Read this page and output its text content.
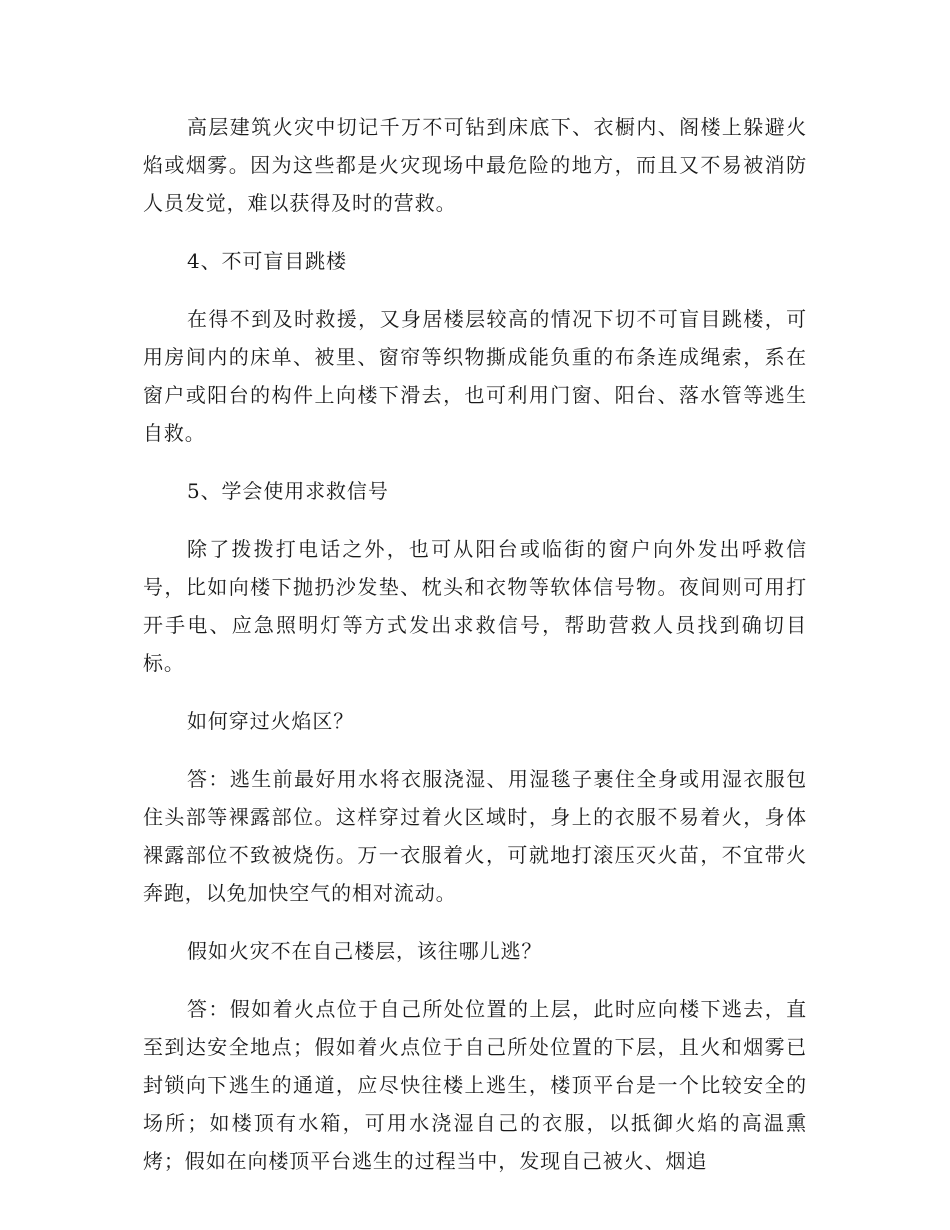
高层建筑火灾中切记千万不可钻到床底下、衣橱内、阁楼上躲避火焰或烟雾。因为这些都是火灾现场中最危险的地方，而且又不易被消防人员发觉，难以获得及时的营救。

4、不可盲目跳楼

在得不到及时救援，又身居楼层较高的情况下切不可盲目跳楼，可用房间内的床单、被里、窗帘等织物撕成能负重的布条连成绳索，系在窗户或阳台的构件上向楼下滑去，也可利用门窗、阳台、落水管等逃生自救。

5、学会使用求救信号

除了拨拨打电话之外，也可从阳台或临街的窗户向外发出呼救信号，比如向楼下抛扔沙发垫、枕头和衣物等软体信号物。夜间则可用打开手电、应急照明灯等方式发出求救信号，帮助营救人员找到确切目标。

如何穿过火焰区？

答：逃生前最好用水将衣服浇湿、用湿毯子裹住全身或用湿衣服包住头部等裸露部位。这样穿过着火区域时，身上的衣服不易着火，身体裸露部位不致被烧伤。万一衣服着火，可就地打滚压灭火苗，不宜带火奔跑，以免加快空气的相对流动。

假如火灾不在自己楼层，该往哪儿逃？

答：假如着火点位于自己所处位置的上层，此时应向楼下逃去，直至到达安全地点；假如着火点位于自己所处位置的下层，且火和烟雾已封锁向下逃生的通道，应尽快往楼上逃生，楼顶平台是一个比较安全的场所；如楼顶有水箱，可用水浇湿自己的衣服，以抵御火焰的高温熏烤；假如在向楼顶平台逃生的过程当中，发现自己被火、烟追
